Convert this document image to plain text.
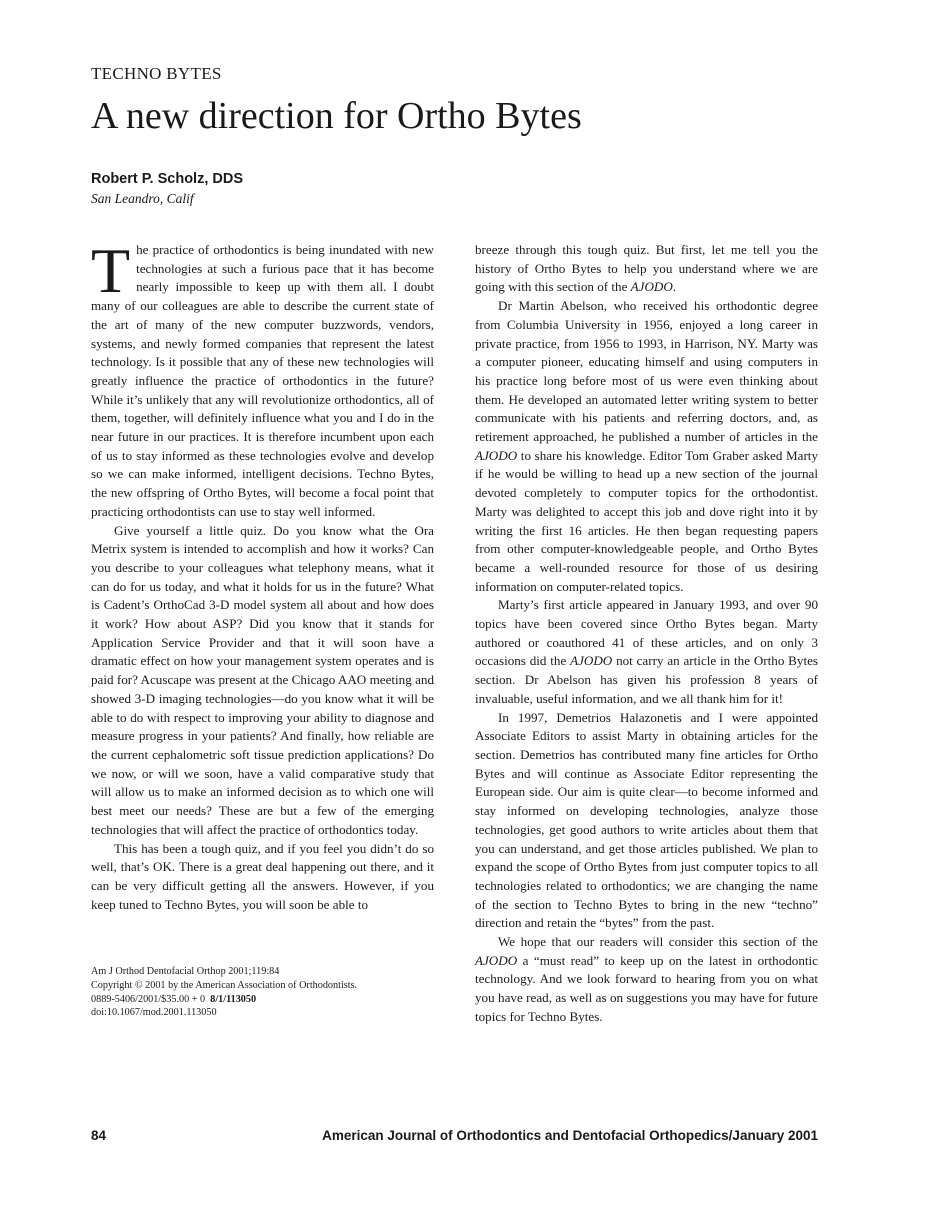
TECHNO BYTES
A new direction for Ortho Bytes
Robert P. Scholz, DDS
San Leandro, Calif

The practice of orthodontics is being inundated with new technologies at such a furious pace that it has become nearly impossible to keep up with them all. I doubt many of our colleagues are able to describe the current state of the art of many of the new computer buzzwords, vendors, systems, and newly formed companies that represent the latest technology. Is it possible that any of these new technologies will greatly influence the practice of orthodontics in the future? While it’s unlikely that any will revolutionize orthodontics, all of them, together, will definitely influence what you and I do in the near future in our practices. It is therefore incumbent upon each of us to stay informed as these technologies evolve and develop so we can make informed, intelligent decisions. Techno Bytes, the new offspring of Ortho Bytes, will become a focal point that practicing orthodontists can use to stay well informed.

Give yourself a little quiz. Do you know what the Ora Metrix system is intended to accomplish and how it works? Can you describe to your colleagues what telephony means, what it can do for us today, and what it holds for us in the future? What is Cadent’s OrthoCad 3-D model system all about and how does it work? How about ASP? Did you know that it stands for Application Service Provider and that it will soon have a dramatic effect on how your management system operates and is paid for? Acuscape was present at the Chicago AAO meeting and showed 3-D imaging technologies—do you know what it will be able to do with respect to improving your ability to diagnose and measure progress in your patients? And finally, how reliable are the current cephalometric soft tissue prediction applications? Do we now, or will we soon, have a valid comparative study that will allow us to make an informed decision as to which one will best meet our needs? These are but a few of the emerging technologies that will affect the practice of orthodontics today.

This has been a tough quiz, and if you feel you didn’t do so well, that’s OK. There is a great deal happening out there, and it can be very difficult getting all the answers. However, if you keep tuned to Techno Bytes, you will soon be able to

breeze through this tough quiz. But first, let me tell you the history of Ortho Bytes to help you understand where we are going with this section of the AJODO.

Dr Martin Abelson, who received his orthodontic degree from Columbia University in 1956, enjoyed a long career in private practice, from 1956 to 1993, in Harrison, NY. Marty was a computer pioneer, educating himself and using computers in his practice long before most of us were even thinking about them. He developed an automated letter writing system to better communicate with his patients and referring doctors, and, as retirement approached, he published a number of articles in the AJODO to share his knowledge. Editor Tom Graber asked Marty if he would be willing to head up a new section of the journal devoted completely to computer topics for the orthodontist. Marty was delighted to accept this job and dove right into it by writing the first 16 articles. He then began requesting papers from other computer-knowledgeable people, and Ortho Bytes became a well-rounded resource for those of us desiring information on computer-related topics.

Marty’s first article appeared in January 1993, and over 90 topics have been covered since Ortho Bytes began. Marty authored or coauthored 41 of these articles, and on only 3 occasions did the AJODO not carry an article in the Ortho Bytes section. Dr Abelson has given his profession 8 years of invaluable, useful information, and we all thank him for it!

In 1997, Demetrios Halazonetis and I were appointed Associate Editors to assist Marty in obtaining articles for the section. Demetrios has contributed many fine articles for Ortho Bytes and will continue as Associate Editor representing the European side. Our aim is quite clear—to become informed and stay informed on developing technologies, analyze those technologies, get good authors to write articles about them that you can understand, and get those articles published. We plan to expand the scope of Ortho Bytes from just computer topics to all technologies related to orthodontics; we are changing the name of the section to Techno Bytes to bring in the new “techno” direction and retain the “bytes” from the past.

We hope that our readers will consider this section of the AJODO a “must read” to keep up on the latest in orthodontic technology. And we look forward to hearing from you on what you have read, as well as on suggestions you may have for future topics for Techno Bytes.

Am J Orthod Dentofacial Orthop 2001;119:84
Copyright © 2001 by the American Association of Orthodontists.
0889-5406/2001/$35.00 + 0  8/1/113050
doi:10.1067/mod.2001.113050
84	American Journal of Orthodontics and Dentofacial Orthopedics/January 2001
